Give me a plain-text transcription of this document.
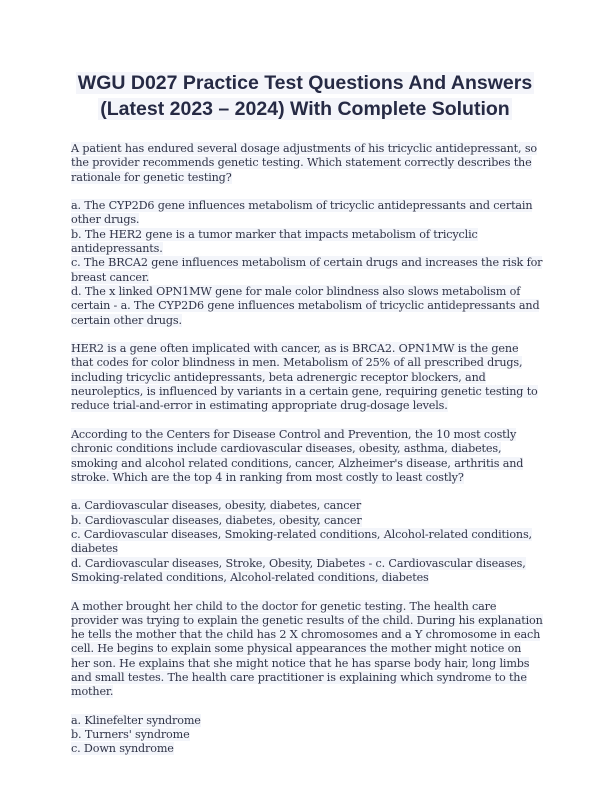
WGU D027 Practice Test Questions And Answers
(Latest 2023 – 2024) With Complete Solution

A patient has endured several dosage adjustments of his tricyclic antidepressant, so the provider recommends genetic testing. Which statement correctly describes the rationale for genetic testing?

a. The CYP2D6 gene influences metabolism of tricyclic antidepressants and certain other drugs.

b. The HER2 gene is a tumor marker that impacts metabolism of tricyclic antidepressants.

c. The BRCA2 gene influences metabolism of certain drugs and increases the risk for breast cancer.

d. The x linked OPN1MW gene for male color blindness also slows metabolism of certain - a. The CYP2D6 gene influences metabolism of tricyclic antidepressants and certain other drugs.

HER2 is a gene often implicated with cancer, as is BRCA2. OPN1MW is the gene that codes for color blindness in men. Metabolism of 25% of all prescribed drugs, including tricyclic antidepressants, beta adrenergic receptor blockers, and neuroleptics, is influenced by variants in a certain gene, requiring genetic testing to reduce trial-and-error in estimating appropriate drug-dosage levels.

According to the Centers for Disease Control and Prevention, the 10 most costly chronic conditions include cardiovascular diseases, obesity, asthma, diabetes, smoking and alcohol related conditions, cancer, Alzheimer's disease, arthritis and stroke. Which are the top 4 in ranking from most costly to least costly?

a. Cardiovascular diseases, obesity, diabetes, cancer

b. Cardiovascular diseases, diabetes, obesity, cancer

c. Cardiovascular diseases, Smoking-related conditions, Alcohol-related conditions, diabetes

d. Cardiovascular diseases, Stroke, Obesity, Diabetes - c. Cardiovascular diseases, Smoking-related conditions, Alcohol-related conditions, diabetes

A mother brought her child to the doctor for genetic testing. The health care provider was trying to explain the genetic results of the child. During his explanation he tells the mother that the child has 2 X chromosomes and a Y chromosome in each cell. He begins to explain some physical appearances the mother might notice on her son. He explains that she might notice that he has sparse body hair, long limbs and small testes. The health care practitioner is explaining which syndrome to the mother.

a. Klinefelter syndrome

b. Turners' syndrome

c. Down syndrome
